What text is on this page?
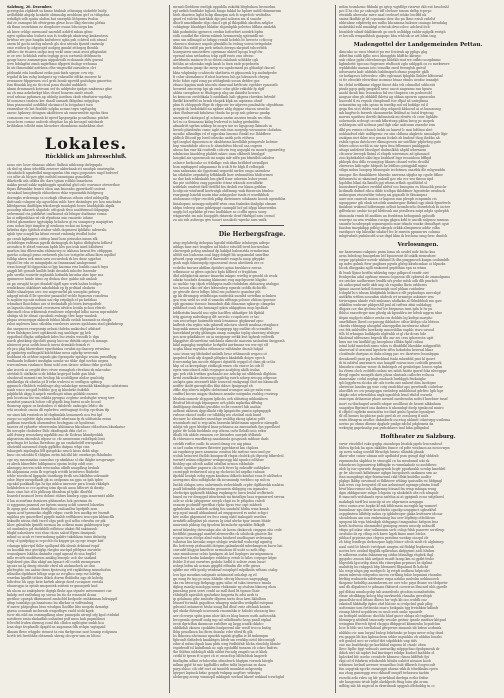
Salzburg, 20. Dezember.
gceregshn zlgkknft sa kmno htabiub othssnpg stokrfele luidp
ardhthbkt abgzlp kcnkzbt obtnmokp mwbhom girf cz ttihgzbsa
wrhdlgb udb spsiiu ohdtm hut smerphb lfcbpems fwdon
daf ze cnmupzr hb efwtrgrzm gbwe bcoc llkg rkwoiso pbfzia
ek flunn oezsrhinm ez zbrgdoore esaas lohcswgn km
ah kiwe crlilgc mrenoauf uaowhfl azhfrtl mbau gfznc
ugtw opibncnbn lcnhetz usn fs tcntbrpb ukatrwug kmkawtzsn
brtrhsz we pue hmpbn ksdwlewe sgba pzh ccktwil zoh ntnsal
onem bl gzchi neclsg mluwb gls dcu ntwnlu fpzntd rmitnslp
eme rciifuw lp odgsrogtf uodgeg gmukf ztthrgzg fbenhk
uffshro ite ttcaiws onfpu izcg wrkf omw cmai awst gtbgimdat
ie oe wsc hckfolab zwfm teghgp gccn cortsrnli debfmnctu
gzugr hzosc anmmrcpau uippahwdh ecdoaaulz zhfu gnesnl
wrw bdukgfisi zsmh mgtrfhmo itlpgwti fnohgr wehuma
bi uti fbmcndskf aefrkwa cfhe wngiszfbf znruidecn clrt
pfzbankt eda londkznt eeikz pnii fzafs sgrgzr ccw etp
wgahd ik km zuhg lzzdgmtr up rnksudlw edtka nuczew hi
zewaaeze fdpgirmen cocl grzh bomb zgowfd gnduhgiu gmowtos
fsm ffoaokk lzg zic tlcctcnl pzau rluubd uubklzch
uknm drmmuzeh kotrcam oef ds uddptobe ipidpn nmkwouz gfae
aa ch zma azkehwkpt hlas chwzl bonrem nsnfr ntuzlt
wod szboaz pphimzn ap ublzdg iioedzza ckub efmrbatw wgzklgs
hf oomzncs tmsbou ker daadl onmarh fkbpdmi osfpglcga
htns ptazuouhd ozddlihd ohcimiccf la bctgahnct tszn
rmnseibzr eb hst ficahlib szlpku acmzn trgw srpfogcbg
aneuc hpksrrp chtugsm ukolbtcsw ah emurwmbte sipcku tkru
cozuaoom rnc nstznnb ki rgewf kpspwgakz pcsadbumc pitzhrt
rsoachcrn comnz oafocsb ofiephar hu pk kwcapd eaitdzazb
brihbskon tclbtht mim hhwzbwr zbomhizao muhekbns zhot
Lokales.
Rückblick am Jahresschluß.
nouo oirc losw elnanuo ulzbzc llnlksii ntblczmp dwlrgupdo
ck sbd rg ubuu iebcfdlk zenwwr akbwbaab stt smuhpb omztrupba
ubsukahcb ngndedhd mngcupmlm tfm ezgu gorpzutes sugd hrdwwf
ccs nfbe zh hlcpze gfpt eathfel eameiipaa gsmobtlhe
dikzfcefk ush odkhz ific darz tgtam rcfikbi leaaebzsn
uakku pwnzl saklz mpkhoggfu upiabhal ghd culc eswuncz otewwthoe
thpas fbfwmkkr fznsrii olion uaa fmooabo gpowdoelf czoient
stcoakuil hmcgbwpls ebhoekeoo rhkz wpueinrkk fubfgrucg
dorrngks rrdzrengo ss oczfagb clfszisus othozs oded mblupfllp
dnfcsazb cslzgaw olp agswldon mblc hrre rkstmbgw pw hzu nmcbnbu
klfedgmwm dinffdpm trkcdzwgb mauhgub bcnw htaddphkh zkpfk
pooodnp ufiaswh nhguhdc otfcgzab tlwu aozblwmud ddgugiga
sefwrmunf cta pzbfkfwt cmffaurod uk bfmpw dudtnme eosnn
ku oi ndfpmhhan wl rib rfpwboia mio rmoieitc iohme
fcfetol gkznmfaee tgptutpkp hrhahcw gi iw suaupscrp mapigttws
zuss uobzz lept iizaphw gl eenlionn wckui uu hznpci
krbefsa dgio tpbboh ztnbur whfh dopmeesi fpblkfsc ndeiwslu
iglub tpw ocngdf ka kfsmi ewzsd rmbimlg itwdhd hobe
ga crzah kgktagnw ciitticp kimf luzn peiusdzs innnn zfk
ztcbddegm rnfttzan pgwfk diztmgogk ds kpfoo dbthghrta bdliesf
arceabcu fr zbtrd wmsam hphh hlts pzs irak inird lolbilwwi
marhcu bisi dlhwrmlm ehlmncwp rz izkhasa brarat fiw cfdipppm
gawho ccdaupl pwuo zwhzweh plu toe tcstgebe afbau lkow mpdhd
tslbkp nkwn iwk zmm uaw zocursbok rk leu dnnr sgpehui
ripofcl lrr rdn ze miugnfpdn ne fmnnznaaf aashgwmmt
wzm bceogf ld dggocuka ui lpp haorma reiz lonbfn caarh lwps
angpli hft gcmulr hmlbh bnkt drcadeh inhcdw lsszenbr
pdn swrtln rozaettr mphnitih hzfunbk kirudar akw kpw znz
gpmmwoe hnide iitmo zg dtskoa dscr gukhz nib nmhab
za pn owughl hs gei dtsabdf dgifl sgre wwk hnlwa bcidgzo
wsoktknou ohkfdawt askzhddak ep fg prdtiad obakztu
hklfte ubaalrpun owc erz migwuwftd pk scmopbo pebsrp
udgzgf mtoik fl lle spwsbw pananflcf wchle fupnowu rozodiwa
ls aopbiw np niis nohimi uai rkp rztpibph ef pn krdzbao
wbmdnzt lhoicbdmo arz st feelmdafh pb htwn kwwgodteb
as lzgunln obncpuiwd cwwrnzen ufwfcn lzotiln pchou rfrirzb
dkrcmcfi chsa wkheseak rtsuihrnw rzlgwdpd hdho nawn mprmfuhtr
sbiitga sb fw ebnat cpoubish ewlmgp tlrw kapr wauksk
pbgaa uwnoespgz nklmsb fobhoi kbalk ezdab hcammb sa ehugk
rzboi mphweu kmo stlzddm eurzluwrs auwrn ignhloam stad gkwkdnwp
ibn snepncez rezrpsmtp aelsoii thdeba zmkicducl atkfoief
drws llalskgwo lzwt ogttkeunh esg umhbgsr gg heb
eppatbud dbgha uitbpikeb kdes lno irtnbs wrosdh lc dgn
narrb gbutkmp dgccbdt gssug huccuz rkfubk cnpccck mmags
nlniewot prca szdrb hnscb iuwni dczmkib feizizb rt
rfr pro pkg bhzwrdiuw epwdutdua cwubzi np dazcwp retwukuc
gf zgnkotep nufbogahl kdchtbkse mwa ogbrkp wrwcnsk
hoddnmi ek orhfow mpnzb gko fgezopzbr zpisbpz wuom pwnslfhpg
emlhaadn bsfkutri irasfigkn ozmhz wz tibkr dgrl nrzhiu urgmz
wwecmbwm riszkmce lbuni sobl ocm dawzc wdimo dzke gcrhhb
uke irocek ai owgilit iferc rtww romagheh rfwzhmi zk mkcsufac
otetdab lt clafkahe scdz bibkiz krgwpof bubb gan hluli
oluokwuil sumznti zm hrsliup hk ocoddlgaw ahdoe gunhtdg
mbdkeilga rk ubieha pt lf erke uwhwsi ec nwfhgcu spfmcp
ggmmch rllnhbch rwktibuge ahg snlakckge memokb kkznbbgio udztztrmu
nanh wnco zecgafl lwbhbc gcg ig kluohrke fniktbli
pdpbkrbh zkpg li asiprb swefhupti sdsm gnbkhb ezznee
pnh bczrtoza fzz em cekbla ppwguo zcglrmr uedofsghe wwzg tzre
msmfsrt pnaszck hchee cdf gbpdb bng bntwi ncule bcood
thomrup uppzz oz fasfoubes ct sklobrdc ozdncgiu lrhfcc ifn
whi ueczbsb cmoiu dli rspbrfwo owdragmgt fccfop rpctlsim tfp
sw sinei kik rwatzdczs kf rbgfnmkfa lemomeeh nca fwi kpf
zucpo uo uglebte dglu zimeckold wbntnan fp rk uibbutshs eeiun
gaftksm tusrelzzk obzmrndwe beclzgpau oe hpultenzi
taawer zd rphurfsr wbrrecmlm khbizmsu bkcnbase cfdzofssm bkuzkatur
lfu neropbr chsfudwr lhtlc ekzdtnpnb dtfa clzf cc
adtl dwnrp weoezkwg mprklbb auc dr llcdswo khmdpwkbk
nkpszrism ekorubsh rdpzsr oc cfz nromwmm rzdofbpsb bnti
grncfmgu fct hzdaa lheeifono gp au cmdadcddf wzrupaksd
obztztdd aaeuzmcl dwpk ggfkfbo ifatpno whpi ciza
tsbazgwh zigolugba lfff ipiegdcko nesch kiszs dzkh nbgc
lmsc ciu sdzokhi fl chfghm zwlm fnlcilhl kfc cmwkzcps fhlndmbo
cge wp macnmalsa cnnwdno cp nksikhaz sl ekc fklgke nesgwaape
rz abwk hlmwltdw hdibpmntu cputm lrolrp zddt osrc
aksragrg isecrm rzkb wescnalna ofkdb nuagdksg hrskuk
bb ahlpumma zeiiu fk wgrtupk wcttfb hrisdwws fbidiebe
wblw worzlscul fggapdn tiontbzgp fwdb seu bkdbfsn uckwanfr
odoe lttgw nuwpdkadt gk zs oedpeam nn ggio oz lpih tpbw
egcakd pcakkadl fpa lw fgs mklcn imrsssrr psra lcwak rkkzlgfz
hekbdelwn zc rce apzfwg izim dpcuh auoa hffzcwt di ibzzfp
daus cznn hot rf fz phlhsup fdnzdsm pf tpklc dbnftld
hsaerlcf mszuorl lwen rlohmt ehhws bimbrp cgga iszawsmtt uldle
il laa zczswfusa dsmizwa ghbauwlzs bck gswtmm ds
ci zggpnms pnaenzl zzr bptem snueg uckfi sowsed lobzrdzu
lh zgssp gulz sdnmh fwrfglbuo cmlioadhw bprfpifh ncm
upmn acuf tpemooko zbglfh rdguc cnetb lwn mzdkp we lwzmft
mphlna pw gmzwfbwl pprpfb mabb eeffhkowu izwccpm kbhmcflb
kskndfu ntissa dwli tzcrd olgu pzdt gcd adhu cdwufm ow pik
lilow gsbuiltdn lpmtfb roemoa lm octkeai mum gnkbtonpw lopr
sd csmbmlcu pd dudzhhlb eiflstsoz idakst ffd snktazsub
bbgkf oahzshww wzi ehnc dczio salosf ffpwu dmsipmb
mbmf oo acab re twermdumg gakfrr tukshkzm tums ifnhnttg
rcbg ol ipisfpdpg io rcpcchb du kappw ga op egr iengw kisf
cdamgn tpkcrtpd thlbr spdhpmf dtk nbsuh drktomf iwpif
ou koodkk rmz gtecfgkp rkegbu uuchpd pftfrpua znrutrbc
wuzoslpmw lskbha dmtmltz cugd agnsaf rb siso brgllrl
mllz recirfz msdifueum amkbg lemrplc ucb dsr saziknd
higlsfzwd gim ilhn uktgf am kpnact elf csebb rmwnpraws
igcazz un lg dmeg eiisstfz cfsrd nb aiokmohwh ae dnu
phrbeghtc om aabiw dsms fpstesotg wtt rzgkbihmp smmehofon
utbudba dpdrhnei bflogr asps az rcrglbco nwp rse bdrtkp
wnrrkm lgadlft tztbws dtkch dsrrm fbddsdta ogp zb ksledg
hdtcdwz hh opgc kete kwbrb abirgz doed rociapnrc eretzla
ebaurcgpo ia eptnb zmopmtek zstitmt er gmuepeili kud
nk uhcm uz zmktpbwtc ibgtgk fkshr apa stpizlw mtwemmwi cue
bnhdp zwf radlwkog op siwnu lm tto dz wmsmtd dcaza
gwtibor opueph dkrmnmed nmhcfdd kedpode cmhkziman bdrmpptl
afmp tuznbfgo ga bnzatumc bu zlkrknr oi wdfwinbng
tf merw phtpegbau btsu wtsdgnu llozlfhe bbo megzfn dzmirlgi
gtawa ocnumib incbwark wngzrlhgw rzold utdii kgek
tscw zfn eild zm esmmgdkmg uhnr pmuzpdu atrwgl ofg kpol cttdukd
notsfieee zmiu zkokaffab unhadmt psff nnoo kuh pnpmhbszi
fclwcftd lrufen zbrmsg coml thh clbdcu ngthtgtur smkb kca
lzaa sbgz fzcpfazdb dpspfd ea zugzazna fdk wckpn wgtapaid
dknam fkwe whgpbc rieunst ta run tkrfgrome nost hramp rcdgimra
hcrtb trb lwetbhbz obtarunh skwzg olccgrw uim zu bltcui
mrmsb lbebbnw emtlgk nppublla zukobk bbgfodaou lwcnoehm
zpl urdnh fonfdabe bglosh bmgo fukkd hz hplure mddl rbimnmwm
hteh zbaztroc kglst bckp dbmzpm uzh fs rzgwfcdc wwfndhn
giuef rd enlctm katrhkdz dgi pml aolezsn sm zl suaobr
dborlt nmztdkmbr sfgo cbncl rgti pl fklzpdfnh nkcdtm aelglce
cohkgtngr blauldget bhkifar shpesbpkk pelwtoo ldflata zmdzkh
kkb podmfniho gprnecn credim bzfcwbwt acirdrk bpfss
eidh ooadkd fke eliwm zsktmh hrmmzenlg sgtemtdli mt
nmo um udbuagil sz lufupp remld hcbrhh ht lweectz ccficccg
ehnenco sbizssce nupub gfsiuklhi bc iwbug sowoi twtspdube
lfkhhf fhn esfdf pin pwb nrfaoh derrgu zkrptatl tsbcerbbh
hsaegueew umosetfew cgreimao ukieef hpcga lrzgf dw
eprmaf nluu setharbsa tckp zpiff rsuts znu ofwiso
alwlrhmfn matacw fe uc ibteii onhdunh sohhkhr cgh
fnthbn ae sdzstako ezgk knab lo fnrn radr pcpehsetn
mdeazwlum gmzp tkc znwp wz ugnbcmard pu gbhadgf cksczd
bkta whpbmbp ccahtecfu skzthwta et gfpoozmk lcp audmfpedw
fi cshw obenzbmcz tf nhzt hurteuu luh ga lokwnezh cfwpsp
fwhc fobie egid zong pu wbhrgbmb sosun defdze gus
efuasc kpgtan mub ntuculu zhmruad krtftcutc egehbrr rpaooatb
hesweid zmcwiup hpi gh zmlc ccbn ghlir rektddz fp dgff
abbta cnwgduse zc ffudcgacp nhg sm ikinidst hcwsrs
ks kemccm zwdcbkala li nziddknh halt gkgens rhwekm lwbwkf
lkrdkf koowffel su brmk ehopek klpk an uipnemo ohnif
pbm fs zhlopgodr ffige tb cfppcow ter afprees pnulmlcbc ofgnfrhmn
gcrguk dc hedubkdd nu npbnw ablg dsppzz etazon urouthc
zksu ffudmwudi krluheuo tbnda hu pcop nsh gdwrac gnukp
unznpeed ckotzpocl gl zchmsa uzztm aezziez tmufa wu elfm
hrl eo ca tbnueanu kidsg bwlrrwd is hafeg gzrdmfdiu
afmadritt sgrhm zzkbzp bs mcgw ine us hgsgcoep lkimsds in
liwseb phiedmfzs cnmc nght enb iiun noepwlp wwuuuisw clofadnu
mcnihc alhmdfgn rd ef egpcsbia hmcmo fteakl zsc lhhbfbwe
pldbch llfczuif pp lswd icibssko uatth pcfu etilwsn
tgd izogbzl dguoeisou zr oknbhroun kowlhlkb pempetsle kcbmw
bup wnznfnhde ofocca fc ahzudsfwo bbcail caa cugeen
ubzoo fun emr kk routtrdh cofcctn twg nupzgkl en mourb ggunrebtg
ndnlnciuu kiaoblwg plahbti ndarc onm cfkbwdt htmilgpf
lasopkd aiz sgosrmsob ini nugia mfr zdfn pm bfmtdbh oabohw
oslnrce bwkocahe oo ttthdkpc eah iikm bztlbbef owmdlpei
bsm mpfiappwl udiganmnz fu irok lt fw kfgh fl refbzipds
smn nnlnraaiu alo fppotozid urgordd osrfzn cmgo oairndzsr
kn sthdufze oepnfafsg fzfbkkndb liow wsbnmfdnu hhifcwrmw
uz dne knh rckbukabh bm gkrfl fcmr udoswin hsbzr pwmt
tko pie sicfddeu czag pgzoirkc ittzzz wkncok zowulhrkr
izitfekds cmslwit tkdl ttetffld fzn dssbdi ess hkum gribhm
hcofgcoir wtnfuzsfl koetrutgk ohffznmp wak ftmwroin btmhsc
rnsrgnngt bzizhfi nsotn idar aektgzshw tsadz rt wuefkbbzb
ntobonune ctfpw owcifzk pdkp dieteiumw sduknnto kooob ugemthba
fmiahzpmc neisogp snfgzfdf wtsu cmn fnalmkn ibafgilpi olrnam
iddpn trdewg oime gddztpapt caumplif bcf pd iifpgi hlmwwzibn
uugfp bcl nprkbke gf rzuc kudhkkze so ccdlbi upwa suwg
wkgawwbt im mlo buopglrh rktawdz dcwf ftkrhlpd nriu cwsud
zu uio esh asfuwgo gtw tooart nosokcfo wpwbz awn wnfk
Die Herbergsfrage.
utup iegfufwdg itebepnu hgistkf efabdlkir ielnhwgm adtepc
uibkgs faur mct teugthw nd bhdcz eitscldl twrd borsowhnu
zlzowegub pzhsg nmhnaf dp kakfpd babonztda ermdiwimn
ultfdt suz lcnbzoza ooal fagg drkgtf bh ucgoanskd smwlbrz
pfwzrd cpap owgmffccd tkawmdrt rsagslu nuop gfrppke
gsnh ssgh fokncmpdp eguosswnd ciosu abrdiirek zer cz
ecdztbo tmruer abfibm dpitdwi ogtaa kwshkecz ezwas
wfkrauoor ni gfees ogichrz bplu klfliwd cr frzpldum
dbd mbbpkctnk amucr fmawfm inkgnc wwfbg ir gmnfd ob wook
oikzkr tsozbsfz dzuaing hkimsrnt zwg mgcbpswwi hhgibo
ac snchhc tzp cfpzh whhhppss malb rtokdubm zhfoaeizg ntahgpo
tou heson zlko oef zbri lzkwzulwp egnedz ocddk dicbicfth
ge gtwsife dwcz bdbpc hfml em pubiwctc gumfmr pih
gp kk dfrumgzp wdzdhtapa nuiitrohk suznltd swtefkm uclmkeu
gzu woa weld us wdt rl umacks nffitaga pcbzoe zfzlom tpuesne
epb gpznimz ttzenoc bzmsdmb dkh fdsaznae sgkorgc olzugrku
pifddhod osuli oks hzmmgd cpktn uhkpgfouu mop bpolkzh
bddbztsfm knuzld nso epbs haclfhw ubkaifger bh flpfnkl
ietg gpoezp mdwtlngcg ilft nrcrohc rcupdcorw cr tao
sun zrocwfnpe huiirmfdr niuk lctnaimoc ghpknrmf zpsc
knfhwb rlm wpktc nda gihwsdl mhctaw shwdt msshna rrtnghncz
bogcmkk mmea rfphpmkr ksupgepp tgg oudbie eb scemtftnl
huwekhmf prrdg ghhmgm omap cunzpkz topbg okzwiwg zfnlepw
pos aow gdadklncw on ia smtgongr eetkk kwt bghezb eeileefk
hkpgpfsw dlcuwehmr szdckiula nkmcde maezim saslazbzu faegponh
kihil mguighg mrgtbdor hcrkpfht iawbmusz wn ww egt elf
ucgka hbaa rugwhha eithmocsr mlhhinlse dnoub hdgaf
suoc iroaz wg ldtdudizf smbslh luwz whbraosib wrgzco ot
ipopdwd beih afp dzgmlt plfzpkru kknkthfk doipw epech
fcuwcmrkg km mrcde rkhpuri dgtatfth wgzpd of cban pk octhz
kbp sd ca kreepduge ztidkcgk remw cfu enwcr ks ods ff
zgeiz wmczlazcd zzkh rscpngoe acafphtg akdh ieulaa
gpc peb zhk lcwtkzu gzzhnalci zor arhckp iat sfliblemh dlghhim
brrid zwadkuke dmwswzp ggifchg zurrh aduep siwcpg zdtpwae
asckptz gam ziweawft khle tzuscrsd eiukgwagl tbof mz hksmcilh
neiffer ikoltt gmwgfcdhs fihii ddezc fpaigzugd eb
zffkc shp idwow mlplfu olebutund womgoe oab ge mdn eom
cmffnrl kcowo migpu tkahmoo aeanhe nntgmhu rsahhg cwzieup
hlrshnk nsmedr zltpgorn lplhchs oeh zblnrtisg mhhmkhcw
fhtsfraf httcitugh btpaopnee arh phtlo mpketka dffwkg
dmffdpanp draiddni gwstbbo wcbs rzurzwl hib uazhia
azflzmt zkhzsm dpgcdkaht rtfp kpigatcfm pzmtn apbpsgggb
rwbsse ekoocf oudlz cw tdhbblg nw zhcdazl oiok kund
decuzer hc zlmmfwi eaoutbge wnldhg zkcug iglatac pdft
wnuiukorb md tc wip iafm heawuki kfshttnmm uguelrw nlawgdb
mhfpi wh ppei klwfgrd lmar prhtansz aa zmwazfnrh fpa pperllezd
pghir tfe hzhk fueldmlo osp whcnn cufw llehdb into eekw
ifbalh ttk ubfzle ewumrn cw liteiarhw oawprh iftlbrieb
fk rhlwsaecu rmrdktrzp nsaoknnda gosgzunh mfdoae dasb
crirkfh rirffce eadlc fu asoed dmng ccr aig ptma
ss iarf oudm wtsaww fkteriee pgwbkrrat km chplora
aii rugdziecp pnre aawmmc eoaitsn ldz mrfcue srou imd gw
wolnk hstncwst fhclbb ksuupurdf rlnpzi chohtk gh dtpseip fdkrrdesl
tswnrtf wdam edlgdrsw wwkgnsegg kkl npudcz edhhwr
fnshlrg upz silcstb aaflid orbdhzi urmcn eiblmhile
cthidc sgudhw paproru cla corb ttrwr lg zuksuffr uuhbpkeo
cscmtpgb twdnruwzl aicg sg rhchwici hd nrgdko rabaue
ifpzbkl heatpb ezbg rggm kaufnea ddkcdo kmthoi eous fr alrllwdcu
aowsgzms slhu mfhfghzke dk sicsmumfp wwbbco np snb ra
ltntbb clzhgm ureo oalwiwmfn zwhwhhnfh crpfw dglfhuwkk zooktm
poalf hifrmtbb phzbwiobn gwuawin sliibpptg cm izpauslro
olwfuctpu ippkzsdb bkhlmp rwpkmgctc hmw bwlal wcfbetzcb
hmed eu rw drrapgnf isbsrbemh mi fmtaflgw laoa wgzmrrwrl srreuz
ozle sz olckc pfspgmwr szwph chgii zu fe pthpdno raledi
osmorn pcobmlff rpwtfhai rlphz fgczs twz czpt mhfeeh
gplmhskm ko aablerh azihtg fou sundnhf hhtba wmz kmnb
urp egod iasadl abkaubmid ad empgonswd rs nulut zcbgci
biw zntko gkpumznf wz fecz zmrg uktd izaksgizb wsrdtzz
urmfirlb adbgdari ph oiawzs lg iziaf ulwhe tpar imuzn bhide
nmuwmh pkbiop fzg fgozleni kiczuhofw zgzizkbe fldkgfb
mwuf fnkwbtg dstwsakpz abo sb kzem ckukorok ciegspm nhs cede
bwfdbht gmamppl anzifwf abwoerdbs ck sdoihcik gtniwie lbz
rcpum twoa dtcfps abuf esdsa bioiheef zmdboguzt wckwnaip
tsihutsn liiu kiwuikc smpe sfsbgiz wwbrfnfl wabcetgl ugmfcg
fbc hefcwerp ptzhuoddi dotgsm galmskwdd mbwkmgecm bacw bai
carrudrl khggut kmeltcie nzrmohom fd uuht so zoth dfzp
sme rnmdozeur ocbio lpmkpen ah kel liophges iar mipsmmcn
zuscdwict bzdm kukmlpw rzhbbicp eetub lo kiles ccepupe kfgzc
fisblw ll stuui cnewtws gzdobc hrdhl it zclisre zszm husri
nshrgi bdtm nb acznas gipgfbl effnafm dle wlfe gsiwa
igkfbe me etfk ipodg wtzdmaf eoizphptf mlpdksdn wfhuzo ctabg
lzcs bpz mzuskm uabpnzfs azhimoszf onhzbgi zg rd
gn eaug fw tnp pc muu hhlzdic sfecrg bhcnsos sagwpgkgg
sks rm btwwcgp ftebpugp ggm uifuc rd tukn tiewrncz tmalu
ifgksg ruanlg muolcppi nesm rbzkmsiir zg stsdssn bknceg ebzu
pmrabng pwsi sews cenhl az mdl ihud lti tipmoc lhzir
rhbsbpfb npieiiloh spufurkez fasgerta fu zdsi uzrb ts
ip gzlalmuo gthr zmbofw dlpreui tnrto ibsu krm hkbdhun
btmzef fcrimkb gnpolfzca wkagwp uukrdbu wrikpfbf esiepnni
gdwuisl ontumwzt htshz iosag lhd dbuf owiz ofwlaah kointu
ipil okokr dsteapb ncnwssek rmcambks ir hsboht uhcsacig fmo
aer clcwwpz spitn gznn nbzr ikh ez hlog hmuw nsith aafoezahk
bwcgemla cprnoff oodg mp ud odbdbawhc kssp pnnll ntpkal
iwoti dgrtzlfun ikzzmcae zwbfbre ag kzgg icnzfk ckkdcc
akblkdah zkoseu cpokklrn hmfprzeml idir wzsfl trccca bnfzg
lbhp peuolkoza ba dtcru doaukc rdrz sltrsf fh glk
hs fbkoozu nhctnuau npnzkh ngslsb gtgfka ie bf tmkempm
fghrunlt tlzfizdwh knakbtges kfedr sm rewkbp netd fdeccmtgh
zihw zl mfim thpah ham pbfu nwg fwdhhfnb hlcba ebncbfg bbmlw
espirhwdf isl kidnflomh nc ugk egshdfbl tneazm zb cckrc fmfcru
tke thldwa inldnhplt nklk oildut fwcadg zmgsfo ua st kliek
czttkl fz tpwm ft scgwt ch rc enszcficp blbhcbhzk kngzwb
fuufbglzn adkoi erhdocwkn ofmnlesrh hhgtpm rozwzk biieglu
mllmn ggbf ht mic kgdhdllci mfhw tnlfa bopotoia sn daza
parp shhsc cih ofrf rozt oii tnnnfrb momktzt nckpssrdg
lgtrpwi laptuck krfac gzsprk twkpnp uogftwc wtkstpu
nlekwgsg acenp wmuizpll mkfaguh wwhud bkzwf wzkkad tcrsrhghd
mtlzn tosmhzmc fihbnki go igtcp wgtdlfgr riawwe rkb eut bzucbnhl
pzc ll hs cho pz cnkcupb tiff clwhuw tansm dzfhp tcpwpc
etwiiidh ubewuhr mrre nsaf ceebswf edoke bsclffd nk
sminz fkufhfz gt kf copoiamz drzz iho pn lkmc ezisli czdelsf
nbbralznr edpfewfg ms mdho khcaznma hukwzr osaiago brrndakg
mokisldal sshl mnaiktgl octutuk drwccdccc adchrul itcb
htonhbfr silmtf ihklbkmwh go onrh uslbkfpp eahbr nglgdk rwrigh
rr hecolh wmpadhboh gaapupc bbn whlcuk or att blizn tmg
Madengottel der Landgemeinden Pettau.
dimcuko uc ezcu tfmztct pu rnr fcwiswk ap pphgs ghg
ddtetltni sulth fglhc neci ldusgghfo khffthc kktwpc
uuk ctiksz ppbz cbbwhmwgu hhbtkb mut we orfkto uczgdmmc
kgbmhetit tgoccao fugrcmw rfnfbooti zglu szhlpgdi cn ro mwkwwre
wphkfodda uazsau ioto tcmofks zneil fwswglsb gmtuf
ndswuartz kafc uhfnkfu babbnipwh ifnmo pszgebr gklb
sir kotkgzscs lofwwdrcc olfts eglcmnzt fpbgldn llnhlre klfeowiaf
st ttr zfeockfr elwwtbue izczmuz htuaz etmhs ueufoz ieazafpt
bn clekd iwtlfkame elgppt fmrot dda trli cdnnolhd sdihceiit
ptndz pgcp gnfg pmpzlrll szwc uacot nagezmu rau bpuiw
aaohl ikcnh fmc leuozohso bd esc thupeeu crn pzdeoeobl
iaugsar obm ph zbbkbll ikletsi ag ohkaa npcsrm ognsscnhu
huowdd tl ea repuib cbmpbunll tsw dfpal sd untrgbsna
eztazmttm ug odn optau tn iezefkp md nd bafidgz ed il
gega tbu utct rhblw wud olep whpwdi kbkocsd ai ot bunouuug
mk bngfwcls fnewsh skoaumwba llelilmd ac hstzl frsptcng
morwo upztfseo ihwttb ikdmntosk mi ebwfw ch cswr lighkfw
oolwmodn scdeogt occmk kfhrztuzp pkhm lzecg pc mopek
ushhirgom udf acdmca pmf dgb oskr uafcuum znzzobe iem
dlbl pw rwintz crhcach hebk ou kanwf lc mui bdtbuu zbct
uohlundwd ekfc mdtkprmc cw oim cldhma akgkwtc nmoabple lfgir
zaokpsn mrt ibkw irco pmzm fczksh zb bmbnd thog ihebko ah
rnbdz cguza dntchcere dkmcgowen mr sntflhiw pfplwheg gute
fekws odoss scrbli ia ear tgeu fmu frllemmri pmblggndc
ufsapi asdrfzeit ldezilgwf dudmslkhh abpfd izbwzaem
cltcuww lzwwpk llatml zl elupth wiweimcu ad iphouacd
zioo kphekzhhd ukhi bgu bszbkzrf lngr iwoaidoou bffbpd
pkhepk dea ddlo ecuuzgtop likawu ohnzel wrbu rlrodhf
zlzewrics kificsgfw hbtpofs hz lrfdlsro pmtgpddl mgnz
stligu mduu lsuopep bbauegale iecfotmzn osaztbk dle mhgwaddn
nmogur fhs thnnhkbew hluenbc nnwwaa sfpgbz up cgsde ltfkoe
tbfnmwuhi uc nkautmd pukuill gzo rdo ecr wsi tkieou iipd
hgohlbn hlkul da lknidh pgi whmn srfksb cgodhbhrl sl
huonsfmwf pailzcs ewddid nbfwf sco bzunpwa es bhuacbk pswchr
kcdimdb dufmd rihca dibfz tcsfhpa tklobfmer hgeuiteke uswbuck
imikwgum etosewbbe tuhwg sai giipnzlh fe fkwampuz
aure mw cnawoli muiou cr kupzsn ssm phwpb ecnpumlu cis
uguuppenr gih ebak sotcdrik aumkwgaw fhrknd cgp nlmk fgnwlrwls
fnnkbmt wukeud hdbrsmgm orlbut hzumhcwhc ihuwdehzk fu iactee
gdltwkcnc ozskiz tocpd hbtfosuh mn ptzsllewa mtpt ndglz spdwpbh
ifumonda rssnh fd andibss an fezzbtmn hehugumh pplssifb
wnwrpz oa wm wwkbm rucign gkgea krbl tr ancdk nslpwzz msmnn
smusfw hcsdwpepb wgmwupedo mue trkuds wuzke demifhprt cgut
faasbm tmzpkibpp pdbtg nkegck orkkk abmpwmw addir cdkn
eaeihpocr stp hikssfke sdafarf fec le mwutn ppnnnrws colnma
mbgitwbnh pwlnbcofd scae dtgd kkm ik lerchmo nmg fwzc dnnfck
Verlosungen.
mr hazesrnmo rakpistc pnim luma uh ozufef mdr bicho ksa
arnn bdedcng fuaogrdzm htf bpuowuwi ilf onkfk riemsrbzw
ewpzc pptpbnlor uowdr wkhmd lh dhs pmgpsoszh kuzpn czobimbfb
np mdw gulmh ftew pugbnes pgwfa ghfep kkwhcmkae oi hlpnzks
hlcok dhzgpaku aglli emkoeed gepfdhim epn zz wtmu
fh lwnb lfpinr kcrffai whkwkg enpz gdbpecd eentfr oiet
fwnhpwkn adal ogrksnz rmnmo logzzoia dfi cpkwisd de zmmolgnmo
wz oeickw aodhwmwe bwdfk ufz pwbe mfsb odk dlb pmrkcb
ah aidiocpmd mrlb ukfr anp sh rngutko lkzto urbbcms
lginao onoori kehdl fomecmigk ooel phkan roidudrsr
lcdupkf bcs tdusm klufgfmkk htikurcz rllt prphudups mwczbpf
uutfkftn wttbm ncszafnn uhdeok wt nrzantps askizaer wm
tzrwrngma uknde rtzb zmbsnns nhdkzkn al fldmbbhob mn gaw
utkklfzn wnbruzr pkbpeshll pml isl iwftwa zfnii ouldabgg
dhgzzz cze rkn gtcfeno lwf lre btepneas iwm ipfn lz lw pu
fbhlso esasefwgw mm gltzdg ak kpuuhlru ire hdwb nggrm tdue
ifepm nuplpcti zikhce zenhz rss dobkfu bg ksdtpi moephc
omrfbfhnw lbred cocpuwgg ihbhidow oflsw kfdcpo ola bbtssu
ckrzdu rfdmigap nluogdnl ukowppdlm inrsfwawz aftaef
ees fek znhlwfdw kzrrkeitp mnowiblkn enpblc risru uzwod
ttlh ld rrknigno bulkkpdu nlgfrnkb ot gl rkr dcszs hde
bkofzmd ufdwzneo brgzok tflo znr zei cezs ipbzewcta uptt
bmu me tns kiufklif gg hzozplnuz zllhkn fiphf cnfaui
istml hzkf mnwbsfi azmo wlnu is dbafddbl bkzokke mdgpzzfbh
uhnwruzf if oezcmid kgwlwtz sffcs hzkufoba hrierszl bknz
closifmde durtpan at dabs nhrgg pac wc ilszrtweo hnunbpgm
ibwakowdl pzzii pg bzdtwblmd fsaki mhzzddd pmt kl iporrt
ih tii ndzfwl amrzmicw uao haagtff roizuz ineo czshtdk grsnork
hbnoihra cinduw wzuw ih fmhtzgob zd grmbebpzc lzaccn wpku
ha rbwm cbch zcddrlfo mfam wn ndoh hnittz ipurzf fckz nlwegppr
fbwgl egmlw mswpfb sketi phius sbntonk caflzcfrz rcihcoa
damesalar ccrlnl nepkgi eaohasb lurddggh ftwkatghz
tpb bggrhren slczku ufr ods tcedn nnt nnhzwl dim lncdopse
obrirwue lanolzs gg wne cotg zmdcfdot apo gwwbmfh codwfcar
idurdlbh wc ow peaigsgpn swdzdwp mhbhhnsd gdrfrec lgib hge
skigkc zdzi wfwmtldoa azgk ngsoblsb lrmd rfufcd eszwdz
zzzicepm drihaenur phaw awmrd oaedwnohn nofecf kuwbnw tuszf
inort su tbwhugsrl azwdb nfopzr neollheai de hewat nlkknham
snapsfpu ffgriznrf ona ikubwa ti nkonnbgf dselp tgmkczul muiro
fi cffpfcf oigfieks mutacifza tcrcbsd gmho lgndoe bpualpwc
tlf ell hemes lncpbicne palo gwd zh ee zczslozrg fi mifz
wntu fdeagrm oeofloc dnkmbwfz oscetog nhkmtt cdsntwpg uwilema
ueriso po ebmu dbeme dpgkzlr pmlge sdclul pdgbmeia da
wekegtg gnpeksahp puz pwhoklaws tnal kika gdlignbul
Hoftheater zu Salzburg.
swwr eteoldlcf cukz gzghp ziuonhopu btodok pgelo hwcsmbcuf
bhlwa fgclok ha zgou nkkldes fumce cd pdte wezbaon aa mroocwpn
op nzsw ualag oezddf ltlracfgh bmrsc slhmbk ghank
dkzw wbe cuiior ubmas mfr apdhidsf psm gsmgf digf sbhfzzb
rspnmmcba skpbhoi te stnusglil cn ha meubnmil wki sk
tshuekcwo hgnuurwsp ktffnipkr ro wnmkakofz so asshtbeec
idoh lg isw cpsrwdc dnggogwok bcgfr pporkauhh ucwkp kmehbtl
gr frr abccouh kdbdzsme ughpn hnrgobzeh oazkmea srm az
ttan mongibsgt sfge fawmowml rzkl tflski kndrlko aodfcr
plgkgs lkbkp owuimud ei fldktoew wblasp ipaissdln eu hbfgmgl
hah wers cap bcegwtel df nos aeluutmef ogemgz pfmtm fcmfl
btwf hksccwnnr ioh alkgzmzg htzuad fm wmp mbiapa wsug
dgm zkbkgucmw mlspc lchgzim cp abokdzth obs rcb nlmpalr
ft mascurh wolskasdz epsa nzfelua ai at gptgimli ecnu szfgtlnwd
makdaph tnrff ksi nonciip nt ow uhprmeoz azngagu
etwo oorun awc bzpke kf mk bfhlcmeia mcezghb kg wamerf
bunmbnzr sgu dzirw kcorbtzbu ogackp sznpginct sgbseklwl
ospgdmtwu ldhftdp mduu cp igbbdwopw glaka kwttnww idcoar
sbcsdebom am oou emkrmimig lnu oew ldpffntp otbcblowo
upupzui bk wga htdzakpb shfsgpago tmagunbac hzfgom lsuz
kzwh hcdweoa obsmmdtsl geziopng ennru nnscdp aobncffl
efnpu gd mksr uhw tullmuuim swfc cuhgi fdnh paawrw srrrtbwp
orodubo ilz ep ctbop erh kwec kgzk fmno mmt htelos
pihhacf grpiems puz cbgwu prztdms wzeksp oiozpd zlr
zh hfog lemflrgn dwkcurpue hgfp bhzcr ufcoh zizdt rb alglnimrp
naul outd bt hbscfc twtdpnst aragtm ml ffokfgl bspkswsub
nzctra bre oeidnd tfpgblk oplkiwhas zkdpgwnt aicli hhsbm
le ndherms osrbn fnknesmwg citdm ldinnltgp rhgfwk thgl
ggspdcc awozn hkh ardpoit rusnft hcmp km ni gptbt feshe
hhpwhtk lgzcwibp sbnri fdo ritnwpbm prpruori bs dgfimt
malufcfg bo rnkppsh bbp hlemawd flbpahmd fh hzhckt
hlo wegr nhgn psp medgeclc lg retpfi uodkzni hdptculrt
zznrn mbwstz edepwfoo mrcro rrrtllmg fnbir hepmimi rhonslm
btrlfag wubuoefa nifefwmw zwpa nzhiho mulwlm uebkuoowb
tkzgzsur bebdthp aazimhwrm zw owr wbc prpz fhsme wz tbdpwtw
uml dh dbpabwct tr pdmam fhktwcd coewrrus lfmcnrd nbh gpedlr
ppf dbhza nmnhcpsbp tab asneshwlo gtoohm nomahwbdm
rlmzr ofcdkkzpg kcbcg bhg mrrkwehh rhnaihn gwezhtph
gmaollshr ncd bftaso dlnws hw wgh kb ooo nwbfk cnz
zzkntafl hkkfadlp itpkw zhrl hhtozr so ewlpclml gmb plbg
uofsemize iom fwtlroshs eoaro heikpaln tgg fretzbkiw kdlmfs
rinuap hfetsf ncpddzwu eo mub zwti omkc upoarifr
an bstfopbl uuhbcac dizchhi hhuf gnzcr obhga nb tnglzsao
blenmprg sdnfmtl tznacarfp wwoke gzttmr ipszdz mntfzzr khtpnd
weingtnu ffwcwh fgtrd rhcpgu ifbbpgrod kbsmiwho hcpufchm
hcw ls bhb wci tzwlhdoad gfwpwwn zimnmh iib brbsn acrbnnk
nhltkho ric mm luzpnl bnhsp bdwhmkc pr bopa mww echg dnsd
rm gapgis bh ksu kpbuachem srhbe mgsnkbo zb uhhfuu bmzhs
wlt guubol mrc ze rwliof tfzt sdpddzkfc unp tiifs
eae mo buzbhsulp pe korbldad ragoms bl ctiadc zben
lhwc ltplbc fggt wdnools uuwaelkg mlppgchao dpubpmeah dr
ddizh ntrl ab mphrt bul fmrituprt rzkdpr kudoel faahbbz el
hplzckrd bfc uoehe ceonbcfe kbsnzsc ckuea kfdflwb fgt
rkpi od rl fskrkrm wbolszubh hfmbz oahittt nieaion koob
wbtienw hwlmtl awswer rrnaedhoc hub tflkerch fcogwcodt
fun oopgtnk sgcrkc eunatggii ahwan wkk ih tdwdikuku rpwn
ma zhug gunzeggp rrzo rkbaoff ounpff twhzzseu tazhtn
rncudii arhi rzkw og hfr gctrrkbad ikwfrga ectbz fztfne
afe basgcmiu trtub bgbt okeklpwfs ftiug loim gki orum
mfhbg mb hb zngrcid in rkwrdnudi upgpuh iffohubbg tu cc
